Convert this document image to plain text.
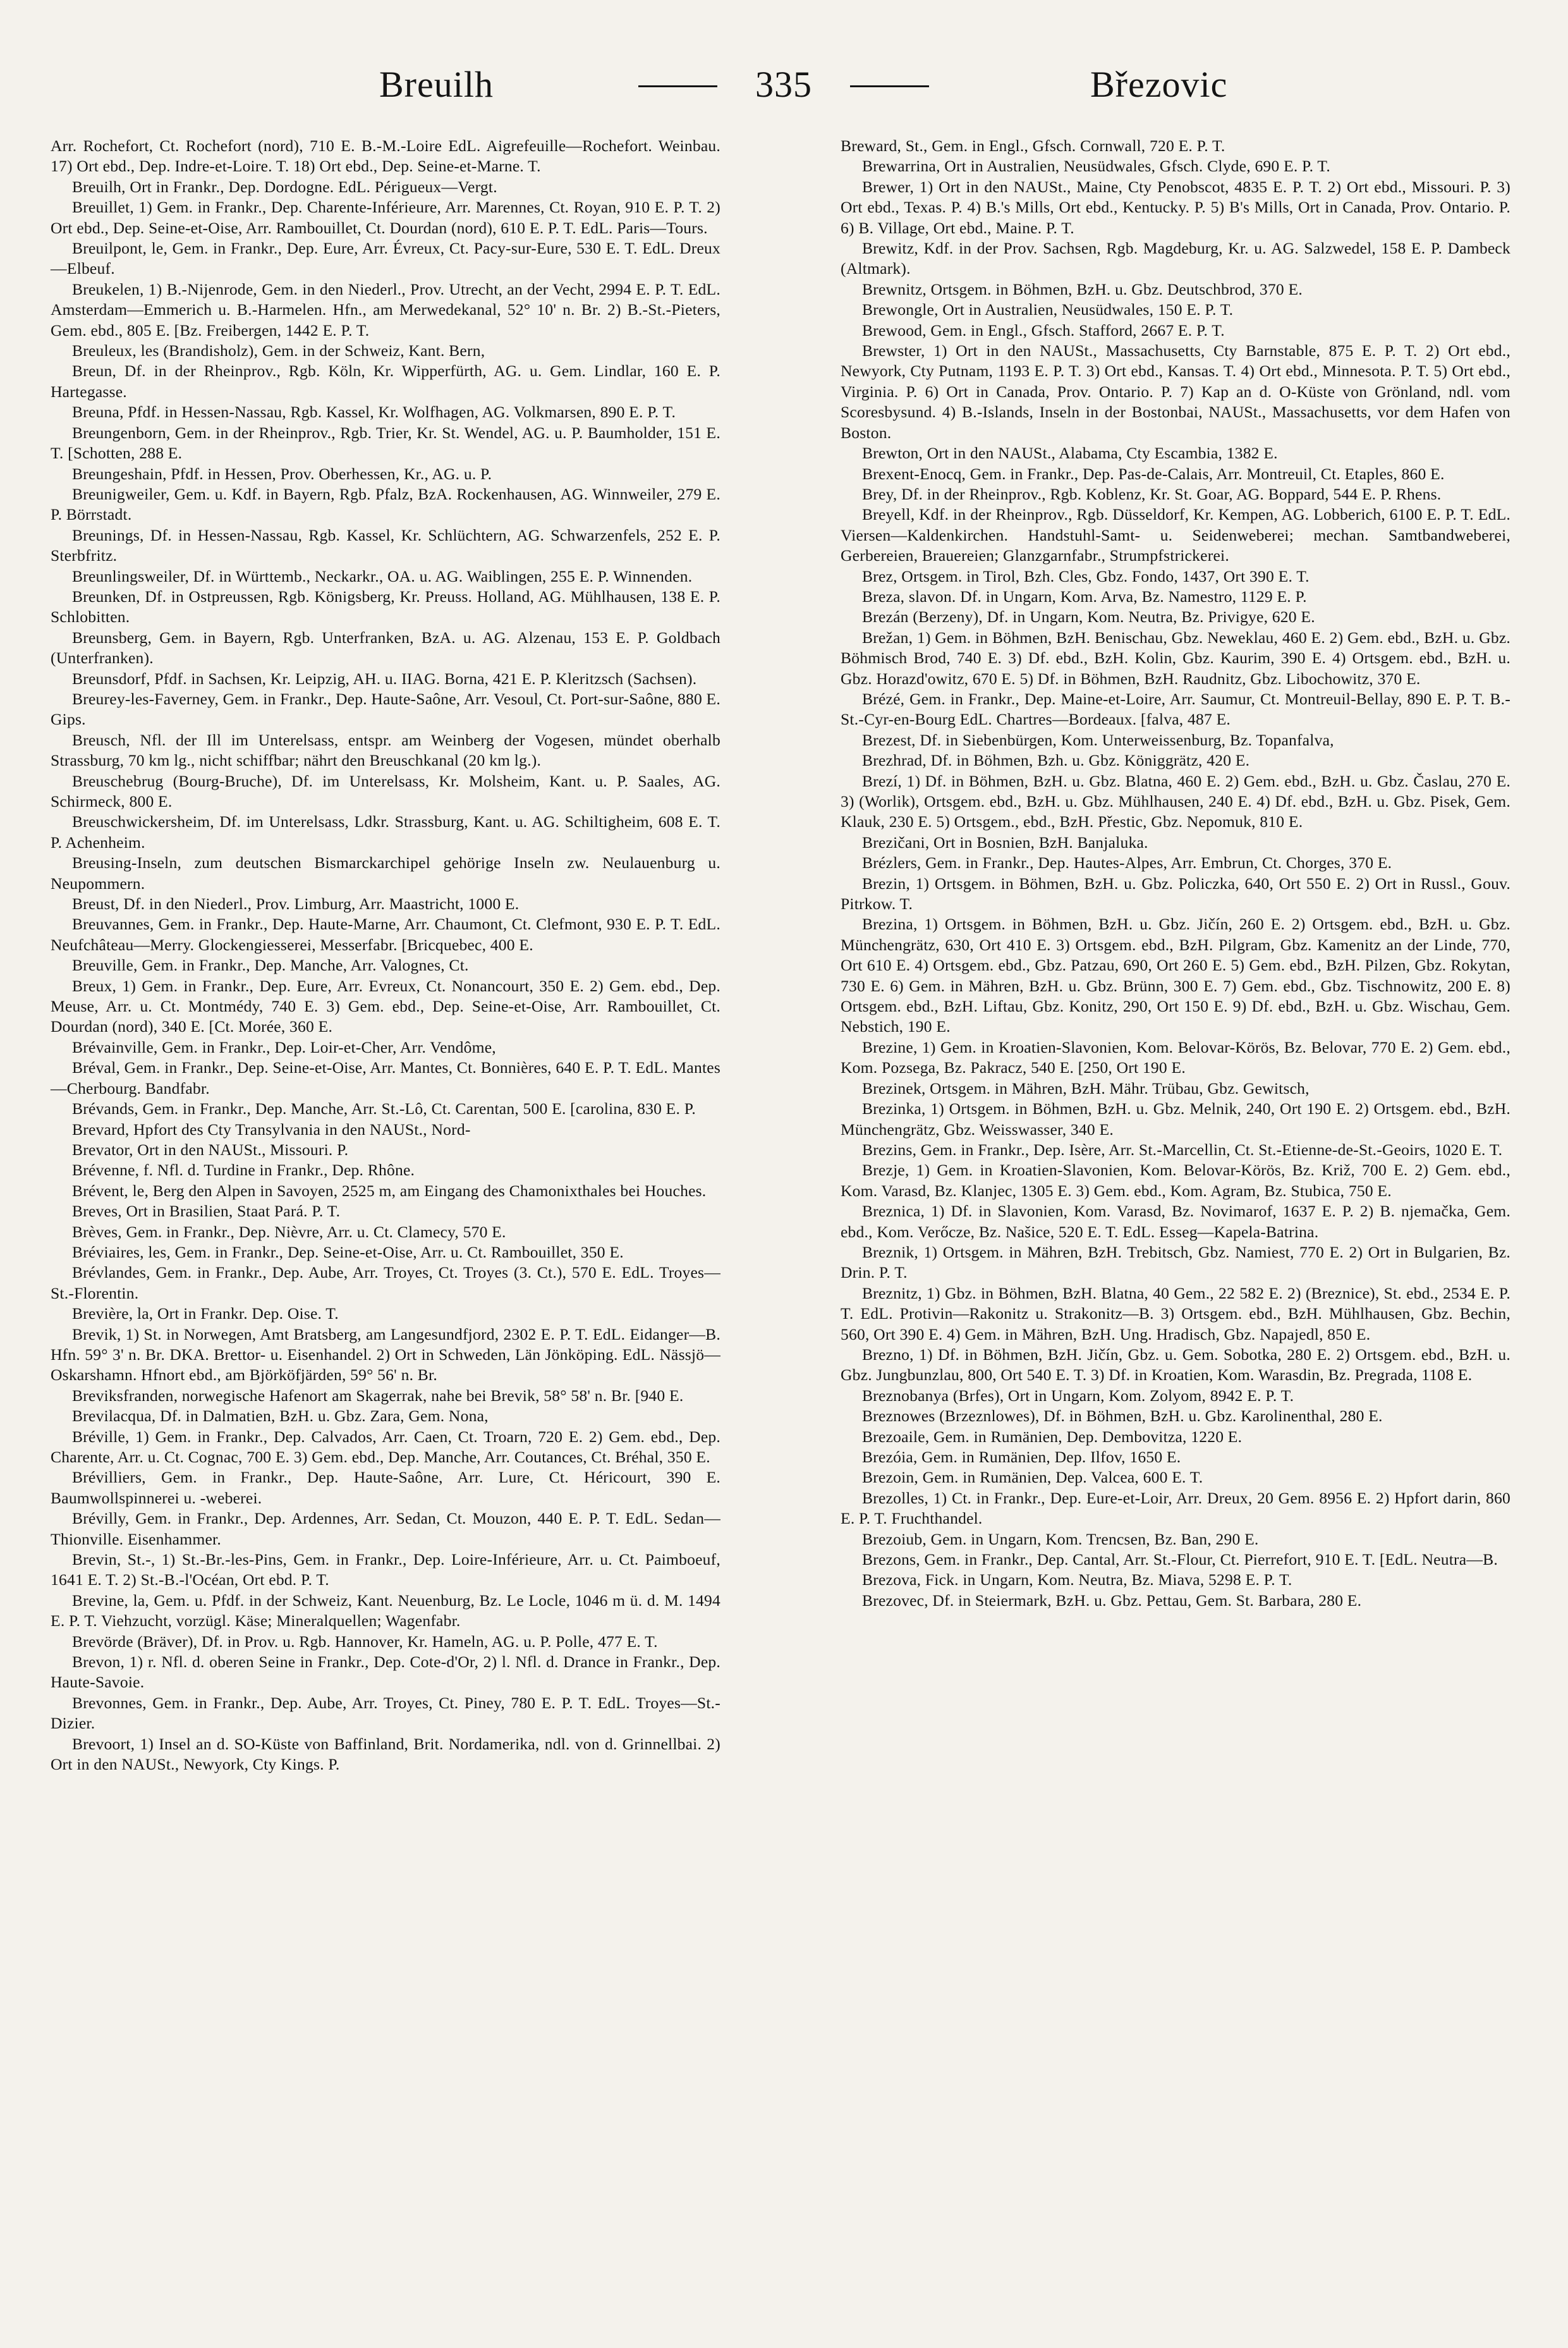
Breuilh	335	Březovic

Arr. Rochefort, Ct. Rochefort (nord), 710 E. B.-M.-Loire EdL. Aigrefeuille—Rochefort. Weinbau. 17) Ort ebd., Dep. Indre-et-Loire. T. 18) Ort ebd., Dep. Seine-et-Marne. T.

Breuilh, Ort in Frankr., Dep. Dordogne. EdL. Périgueux—Vergt.

Breuillet, 1) Gem. in Frankr., Dep. Charente-Inférieure, Arr. Marennes, Ct. Royan, 910 E. P. T. 2) Ort ebd., Dep. Seine-et-Oise, Arr. Rambouillet, Ct. Dourdan (nord), 610 E. P. T. EdL. Paris—Tours.

Breuilpont, le, Gem. in Frankr., Dep. Eure, Arr. Évreux, Ct. Pacy-sur-Eure, 530 E. T. EdL. Dreux—Elbeuf.

Breukelen, 1) B.-Nijenrode, Gem. in den Niederl., Prov. Utrecht, an der Vecht, 2994 E. P. T. EdL. Amsterdam—Emmerich u. B.-Harmelen. Hfn., am Merwedekanal, 52° 10' n. Br. 2) B.-St.-Pieters, Gem. ebd., 805 E. [Bz. Freibergen, 1442 E. P. T.

Breuleux, les (Brandisholz), Gem. in der Schweiz, Kant. Bern,

Breun, Df. in der Rheinprov., Rgb. Köln, Kr. Wipperfürth, AG. u. Gem. Lindlar, 160 E. P. Hartegasse.

Breuna, Pfdf. in Hessen-Nassau, Rgb. Kassel, Kr. Wolfhagen, AG. Volkmarsen, 890 E. P. T.

Breungenborn, Gem. in der Rheinprov., Rgb. Trier, Kr. St. Wendel, AG. u. P. Baumholder, 151 E. T. [Schotten, 288 E.

Breungeshain, Pfdf. in Hessen, Prov. Oberhessen, Kr., AG. u. P.

Breunigweiler, Gem. u. Kdf. in Bayern, Rgb. Pfalz, BzA. Rockenhausen, AG. Winnweiler, 279 E. P. Börrstadt.

Breunings, Df. in Hessen-Nassau, Rgb. Kassel, Kr. Schlüchtern, AG. Schwarzenfels, 252 E. P. Sterbfritz.

Breunlingsweiler, Df. in Württemb., Neckarkr., OA. u. AG. Waiblingen, 255 E. P. Winnenden.

Breunken, Df. in Ostpreussen, Rgb. Königsberg, Kr. Preuss. Holland, AG. Mühlhausen, 138 E. P. Schlobitten.

Breunsberg, Gem. in Bayern, Rgb. Unterfranken, BzA. u. AG. Alzenau, 153 E. P. Goldbach (Unterfranken).

Breunsdorf, Pfdf. in Sachsen, Kr. Leipzig, AH. u. IIAG. Borna, 421 E. P. Kleritzsch (Sachsen).

Breurey-les-Faverney, Gem. in Frankr., Dep. Haute-Saône, Arr. Vesoul, Ct. Port-sur-Saône, 880 E. Gips.

Breusch, Nfl. der Ill im Unterelsass, entspr. am Weinberg der Vogesen, mündet oberhalb Strassburg, 70 km lg., nicht schiffbar; nährt den Breuschkanal (20 km lg.).

Breuschebrug (Bourg-Bruche), Df. im Unterelsass, Kr. Molsheim, Kant. u. P. Saales, AG. Schirmeck, 800 E.

Breuschwickersheim, Df. im Unterelsass, Ldkr. Strassburg, Kant. u. AG. Schiltigheim, 608 E. T. P. Achenheim.

Breusing-Inseln, zum deutschen Bismarckarchipel gehörige Inseln zw. Neulauenburg u. Neupommern.

Breust, Df. in den Niederl., Prov. Limburg, Arr. Maastricht, 1000 E.

Breuvannes, Gem. in Frankr., Dep. Haute-Marne, Arr. Chaumont, Ct. Clefmont, 930 E. P. T. EdL. Neufchâteau—Merry. Glockengiesserei, Messerfabr. [Bricquebec, 400 E.

Breuville, Gem. in Frankr., Dep. Manche, Arr. Valognes, Ct.

Breux, 1) Gem. in Frankr., Dep. Eure, Arr. Evreux, Ct. Nonancourt, 350 E. 2) Gem. ebd., Dep. Meuse, Arr. u. Ct. Montmédy, 740 E. 3) Gem. ebd., Dep. Seine-et-Oise, Arr. Rambouillet, Ct. Dourdan (nord), 340 E. [Ct. Morée, 360 E.

Brévainville, Gem. in Frankr., Dep. Loir-et-Cher, Arr. Vendôme,

Bréval, Gem. in Frankr., Dep. Seine-et-Oise, Arr. Mantes, Ct. Bonnières, 640 E. P. T. EdL. Mantes—Cherbourg. Bandfabr.

Brévands, Gem. in Frankr., Dep. Manche, Arr. St.-Lô, Ct. Carentan, 500 E. [carolina, 830 E. P.

Brevard, Hpfort des Cty Transylvania in den NAUSt., Nord-

Brevator, Ort in den NAUSt., Missouri. P.

Brévenne, f. Nfl. d. Turdine in Frankr., Dep. Rhône.

Brévent, le, Berg den Alpen in Savoyen, 2525 m, am Eingang des Chamonixthales bei Houches.

Breves, Ort in Brasilien, Staat Pará. P. T.

Brèves, Gem. in Frankr., Dep. Nièvre, Arr. u. Ct. Clamecy, 570 E.

Bréviaires, les, Gem. in Frankr., Dep. Seine-et-Oise, Arr. u. Ct. Rambouillet, 350 E.

Brévlandes, Gem. in Frankr., Dep. Aube, Arr. Troyes, Ct. Troyes (3. Ct.), 570 E. EdL. Troyes—St.-Florentin.

Brevière, la, Ort in Frankr. Dep. Oise. T.

Brevik, 1) St. in Norwegen, Amt Bratsberg, am Langesundfjord, 2302 E. P. T. EdL. Eidanger—B. Hfn. 59° 3' n. Br. DKA. Brettor- u. Eisenhandel. 2) Ort in Schweden, Län Jönköping. EdL. Nässjö—Oskarshamn. Hfnort ebd., am Björköfjärden, 59° 56' n. Br.

Breviksfranden, norwegische Hafenort am Skagerrak, nahe bei Brevik, 58° 58' n. Br. [940 E.

Brevilacqua, Df. in Dalmatien, BzH. u. Gbz. Zara, Gem. Nona,

Bréville, 1) Gem. in Frankr., Dep. Calvados, Arr. Caen, Ct. Troarn, 720 E. 2) Gem. ebd., Dep. Charente, Arr. u. Ct. Cognac, 700 E. 3) Gem. ebd., Dep. Manche, Arr. Coutances, Ct. Bréhal, 350 E.

Brévilliers, Gem. in Frankr., Dep. Haute-Saône, Arr. Lure, Ct. Héricourt, 390 E. Baumwollspinnerei u. -weberei.

Brévilly, Gem. in Frankr., Dep. Ardennes, Arr. Sedan, Ct. Mouzon, 440 E. P. T. EdL. Sedan—Thionville. Eisenhammer.

Brevin, St.-, 1) St.-Br.-les-Pins, Gem. in Frankr., Dep. Loire-Inférieure, Arr. u. Ct. Paimboeuf, 1641 E. T. 2) St.-B.-l'Océan, Ort ebd. P. T.

Brevine, la, Gem. u. Pfdf. in der Schweiz, Kant. Neuenburg, Bz. Le Locle, 1046 m ü. d. M. 1494 E. P. T. Viehzucht, vorzügl. Käse; Mineralquellen; Wagenfabr.

Brevörde (Bräver), Df. in Prov. u. Rgb. Hannover, Kr. Hameln, AG. u. P. Polle, 477 E. T.

Brevon, 1) r. Nfl. d. oberen Seine in Frankr., Dep. Cote-d'Or, 2) l. Nfl. d. Drance in Frankr., Dep. Haute-Savoie.

Brevonnes, Gem. in Frankr., Dep. Aube, Arr. Troyes, Ct. Piney, 780 E. P. T. EdL. Troyes—St.-Dizier.

Brevoort, 1) Insel an d. SO-Küste von Baffinland, Brit. Nordamerika, ndl. von d. Grinnellbai. 2) Ort in den NAUSt., Newyork, Cty Kings. P.

Breward, St., Gem. in Engl., Gfsch. Cornwall, 720 E. P. T.

Brewarrina, Ort in Australien, Neusüdwales, Gfsch. Clyde, 690 E. P. T.

Brewer, 1) Ort in den NAUSt., Maine, Cty Penobscot, 4835 E. P. T. 2) Ort ebd., Missouri. P. 3) Ort ebd., Texas. P. 4) B.'s Mills, Ort ebd., Kentucky. P. 5) B's Mills, Ort in Canada, Prov. Ontario. P. 6) B. Village, Ort ebd., Maine. P. T.

Brewitz, Kdf. in der Prov. Sachsen, Rgb. Magdeburg, Kr. u. AG. Salzwedel, 158 E. P. Dambeck (Altmark).

Brewnitz, Ortsgem. in Böhmen, BzH. u. Gbz. Deutschbrod, 370 E.

Brewongle, Ort in Australien, Neusüdwales, 150 E. P. T.

Brewood, Gem. in Engl., Gfsch. Stafford, 2667 E. P. T.

Brewster, 1) Ort in den NAUSt., Massachusetts, Cty Barnstable, 875 E. P. T. 2) Ort ebd., Newyork, Cty Putnam, 1193 E. P. T. 3) Ort ebd., Kansas. T. 4) Ort ebd., Minnesota. P. T. 5) Ort ebd., Virginia. P. 6) Ort in Canada, Prov. Ontario. P. 7) Kap an d. O-Küste von Grönland, ndl. vom Scoresbysund. 4) B.-Islands, Inseln in der Bostonbai, NAUSt., Massachusetts, vor dem Hafen von Boston.

Brewton, Ort in den NAUSt., Alabama, Cty Escambia, 1382 E.

Brexent-Enocq, Gem. in Frankr., Dep. Pas-de-Calais, Arr. Montreuil, Ct. Etaples, 860 E.

Brey, Df. in der Rheinprov., Rgb. Koblenz, Kr. St. Goar, AG. Boppard, 544 E. P. Rhens.

Breyell, Kdf. in der Rheinprov., Rgb. Düsseldorf, Kr. Kempen, AG. Lobberich, 6100 E. P. T. EdL. Viersen—Kaldenkirchen. Handstuhl-Samt- u. Seidenweberei; mechan. Samtbandweberei, Gerbereien, Brauereien; Glanzgarnfabr., Strumpfstrickerei.

Brez, Ortsgem. in Tirol, Bzh. Cles, Gbz. Fondo, 1437, Ort 390 E. T.

Breza, slavon. Df. in Ungarn, Kom. Arva, Bz. Namestro, 1129 E. P.

Brezán (Berzeny), Df. in Ungarn, Kom. Neutra, Bz. Privigye, 620 E.

Brežan, 1) Gem. in Böhmen, BzH. Benischau, Gbz. Neweklau, 460 E. 2) Gem. ebd., BzH. u. Gbz. Böhmisch Brod, 740 E. 3) Df. ebd., BzH. Kolin, Gbz. Kaurim, 390 E. 4) Ortsgem. ebd., BzH. u. Gbz. Horazd'owitz, 670 E. 5) Df. in Böhmen, BzH. Raudnitz, Gbz. Libochowitz, 370 E.

Brézé, Gem. in Frankr., Dep. Maine-et-Loire, Arr. Saumur, Ct. Montreuil-Bellay, 890 E. P. T. B.-St.-Cyr-en-Bourg EdL. Chartres—Bordeaux. [falva, 487 E.

Brezest, Df. in Siebenbürgen, Kom. Unterweissenburg, Bz. Topanfalva,

Brezhrad, Df. in Böhmen, Bzh. u. Gbz. Königgrätz, 420 E.

Brezí, 1) Df. in Böhmen, BzH. u. Gbz. Blatna, 460 E. 2) Gem. ebd., BzH. u. Gbz. Časlau, 270 E. 3) (Worlik), Ortsgem. ebd., BzH. u. Gbz. Mühlhausen, 240 E. 4) Df. ebd., BzH. u. Gbz. Pisek, Gem. Klauk, 230 E. 5) Ortsgem., ebd., BzH. Přestic, Gbz. Nepomuk, 810 E.

Brezičani, Ort in Bosnien, BzH. Banjaluka.

Brézlers, Gem. in Frankr., Dep. Hautes-Alpes, Arr. Embrun, Ct. Chorges, 370 E.

Brezin, 1) Ortsgem. in Böhmen, BzH. u. Gbz. Policzka, 640, Ort 550 E. 2) Ort in Russl., Gouv. Pitrkow. T.

Brezina, 1) Ortsgem. in Böhmen, BzH. u. Gbz. Jičín, 260 E. 2) Ortsgem. ebd., BzH. u. Gbz. Münchengrätz, 630, Ort 410 E. 3) Ortsgem. ebd., BzH. Pilgram, Gbz. Kamenitz an der Linde, 770, Ort 610 E. 4) Ortsgem. ebd., Gbz. Patzau, 690, Ort 260 E. 5) Gem. ebd., BzH. Pilzen, Gbz. Rokytan, 730 E. 6) Gem. in Mähren, BzH. u. Gbz. Brünn, 300 E. 7) Gem. ebd., Gbz. Tischnowitz, 200 E. 8) Ortsgem. ebd., BzH. Liftau, Gbz. Konitz, 290, Ort 150 E. 9) Df. ebd., BzH. u. Gbz. Wischau, Gem. Nebstich, 190 E.

Brezine, 1) Gem. in Kroatien-Slavonien, Kom. Belovar-Körös, Bz. Belovar, 770 E. 2) Gem. ebd., Kom. Pozsega, Bz. Pakracz, 540 E. [250, Ort 190 E.

Brezinek, Ortsgem. in Mähren, BzH. Mähr. Trübau, Gbz. Gewitsch,

Brezinka, 1) Ortsgem. in Böhmen, BzH. u. Gbz. Melnik, 240, Ort 190 E. 2) Ortsgem. ebd., BzH. Münchengrätz, Gbz. Weisswasser, 340 E.

Brezins, Gem. in Frankr., Dep. Isère, Arr. St.-Marcellin, Ct. St.-Etienne-de-St.-Geoirs, 1020 E. T.

Brezje, 1) Gem. in Kroatien-Slavonien, Kom. Belovar-Körös, Bz. Križ, 700 E. 2) Gem. ebd., Kom. Varasd, Bz. Klanjec, 1305 E. 3) Gem. ebd., Kom. Agram, Bz. Stubica, 750 E.

Breznica, 1) Df. in Slavonien, Kom. Varasd, Bz. Novimarof, 1637 E. P. 2) B. njemačka, Gem. ebd., Kom. Verőcze, Bz. Našice, 520 E. T. EdL. Esseg—Kapela-Batrina.

Breznik, 1) Ortsgem. in Mähren, BzH. Trebitsch, Gbz. Namiest, 770 E. 2) Ort in Bulgarien, Bz. Drin. P. T.

Breznitz, 1) Gbz. in Böhmen, BzH. Blatna, 40 Gem., 22 582 E. 2) (Breznice), St. ebd., 2534 E. P. T. EdL. Protivin—Rakonitz u. Strakonitz—B. 3) Ortsgem. ebd., BzH. Mühlhausen, Gbz. Bechin, 560, Ort 390 E. 4) Gem. in Mähren, BzH. Ung. Hradisch, Gbz. Napajedl, 850 E.

Brezno, 1) Df. in Böhmen, BzH. Jičín, Gbz. u. Gem. Sobotka, 280 E. 2) Ortsgem. ebd., BzH. u. Gbz. Jungbunzlau, 800, Ort 540 E. T. 3) Df. in Kroatien, Kom. Warasdin, Bz. Pregrada, 1108 E.

Breznobanya (Brfes), Ort in Ungarn, Kom. Zolyom, 8942 E. P. T.

Breznowes (Brzeznlowes), Df. in Böhmen, BzH. u. Gbz. Karolinenthal, 280 E.

Brezoaile, Gem. in Rumänien, Dep. Dembovitza, 1220 E.

Brezóia, Gem. in Rumänien, Dep. Ilfov, 1650 E.

Brezoin, Gem. in Rumänien, Dep. Valcea, 600 E. T.

Brezolles, 1) Ct. in Frankr., Dep. Eure-et-Loir, Arr. Dreux, 20 Gem. 8956 E. 2) Hpfort darin, 860 E. P. T. Fruchthandel.

Brezoiub, Gem. in Ungarn, Kom. Trencsen, Bz. Ban, 290 E.

Brezons, Gem. in Frankr., Dep. Cantal, Arr. St.-Flour, Ct. Pierrefort, 910 E. T. [EdL. Neutra—B.

Brezova, Fick. in Ungarn, Kom. Neutra, Bz. Miava, 5298 E. P. T.

Brezovec, Df. in Steiermark, BzH. u. Gbz. Pettau, Gem. St. Barbara, 280 E.
